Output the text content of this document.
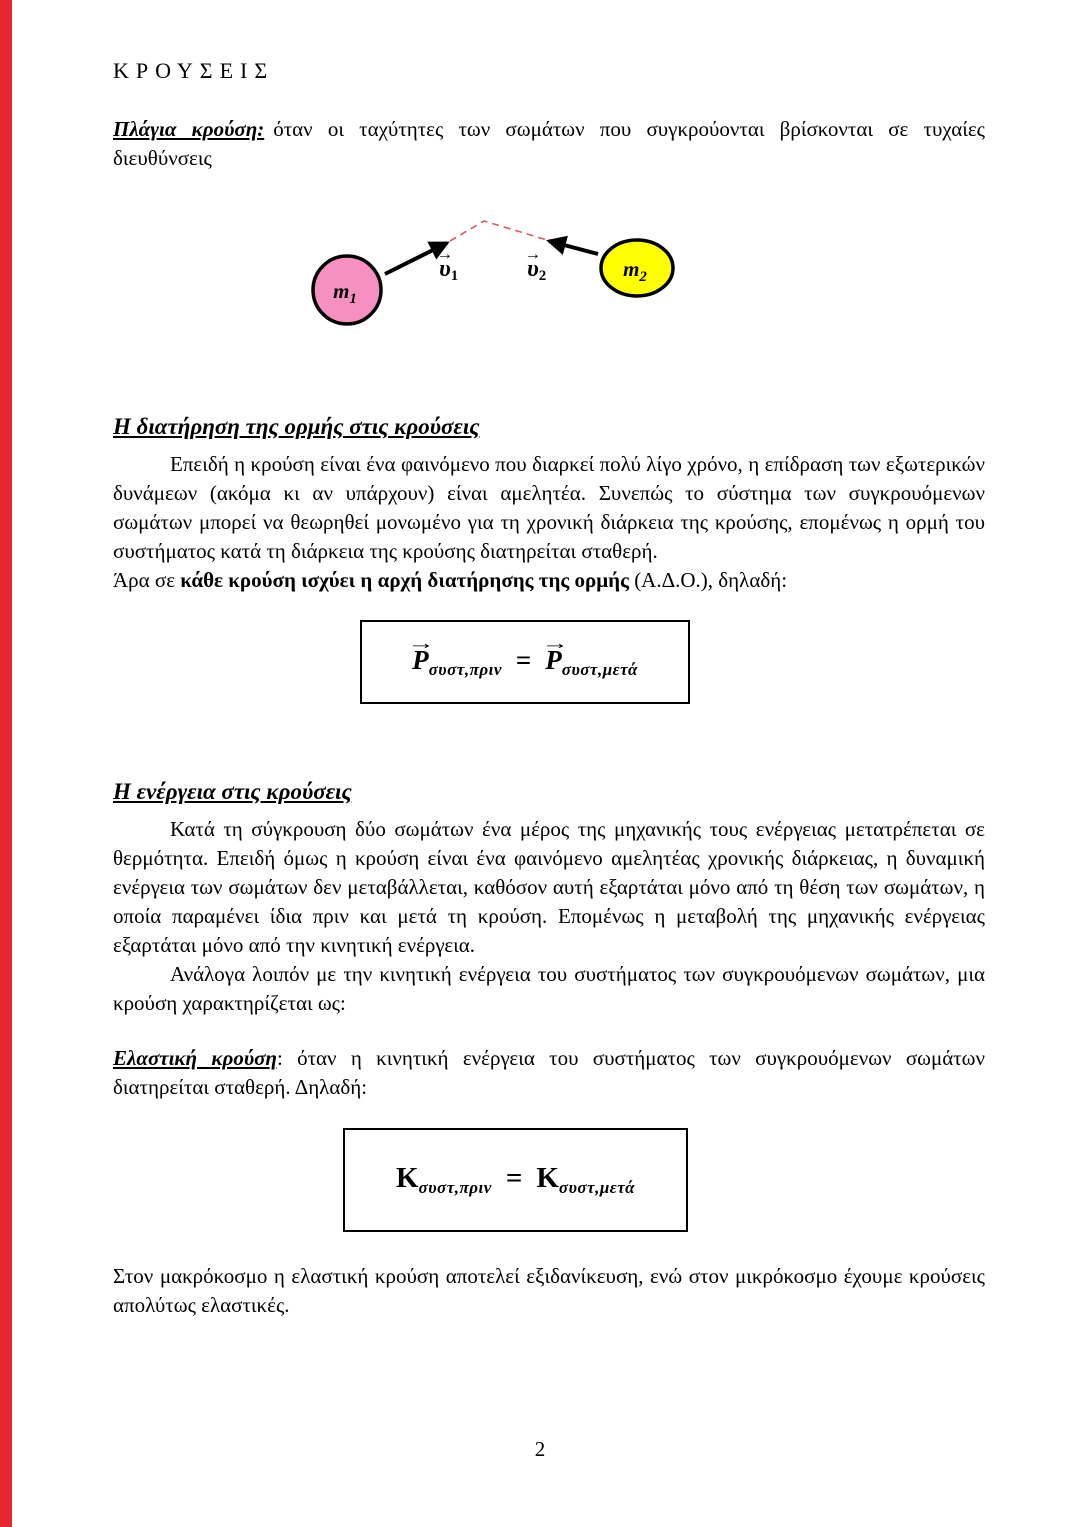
ΚΡΟΥΣΕΙΣ

Πλάγια κρούση: όταν οι ταχύτητες των σωμάτων που συγκρούονται βρίσκονται σε τυχαίες διευθύνσεις

$m_1$
$m_2$
→
$\upsilon_1$
→
$\upsilon_2$
Η διατήρηση της ορμής στις κρούσεις

Επειδή η κρούση είναι ένα φαινόμενο που διαρκεί πολύ λίγο χρόνο, η επίδραση των εξωτερικών δυνάμεων (ακόμα κι αν υπάρχουν) είναι αμελητέα. Συνεπώς το σύστημα των συγκρουόμενων σωμάτων μπορεί να θεωρηθεί μονωμένο για τη χρονική διάρκεια της κρούσης, επομένως η ορμή του συστήματος κατά τη διάρκεια της κρούσης διατηρείται σταθερή.

Άρα σε κάθε κρούση ισχύει η αρχή διατήρησης της ορμής (Α.Δ.Ο.), δηλαδή:

→
$P_{\sigma\upsilon\sigma\tau,\pi\rho\iota\nu}$ =
→
$P_{\sigma\upsilon\sigma\tau,\mu\varepsilon\tau ά}$
Η ενέργεια στις κρούσεις

Κατά τη σύγκρουση δύο σωμάτων ένα μέρος της μηχανικής τους ενέργειας μετατρέπεται σε θερμότητα. Επειδή όμως η κρούση είναι ένα φαινόμενο αμελητέας χρονικής διάρκειας, η δυναμική ενέργεια των σωμάτων δεν μεταβάλλεται, καθόσον αυτή εξαρτάται μόνο από τη θέση των σωμάτων, η οποία παραμένει ίδια πριν και μετά τη κρούση. Επομένως η μεταβολή της μηχανικής ενέργειας εξαρτάται μόνο από την κινητική ενέργεια.

Ανάλογα λοιπόν με την κινητική ενέργεια του συστήματος των συγκρουόμενων σωμάτων, μια κρούση χαρακτηρίζεται ως:

Ελαστική κρούση: όταν η κινητική ενέργεια του συστήματος των συγκρουόμενων σωμάτων διατηρείται σταθερή. Δηλαδή:

$K_{\sigma\upsilon\sigma\tau,\pi\rho\iota\nu} = K_{\sigma\upsilon\sigma\tau,\mu\varepsilon\tau ά}$

Στον μακρόκοσμο η ελαστική κρούση αποτελεί εξιδανίκευση, ενώ στον μικρόκοσμο έχουμε κρούσεις απολύτως ελαστικές.

2
